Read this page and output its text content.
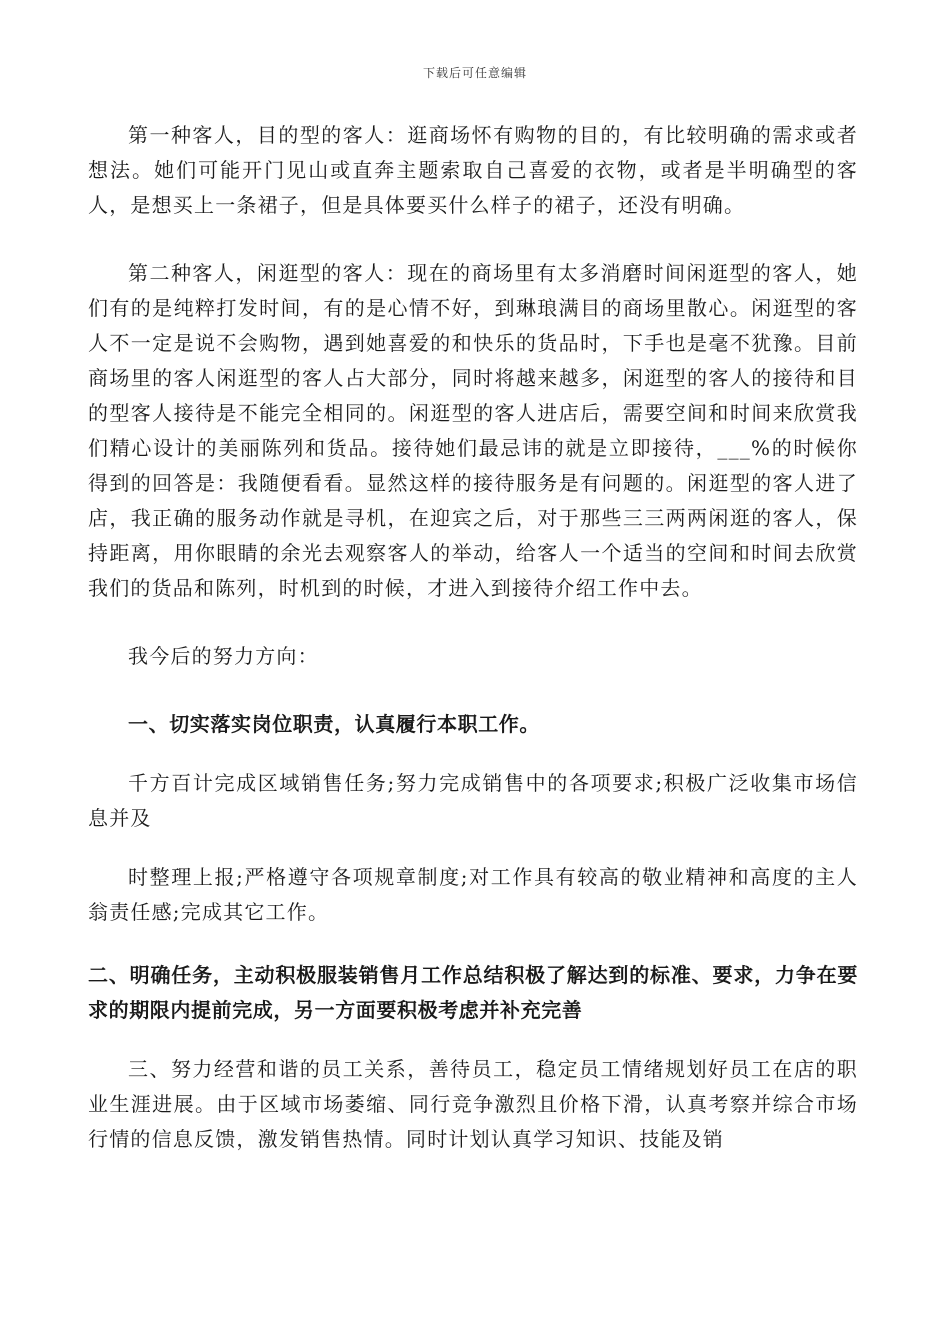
下载后可任意编辑

第一种客人，目的型的客人：逛商场怀有购物的目的，有比较明确的需求或者想法。她们可能开门见山或直奔主题索取自己喜爱的衣物，或者是半明确型的客人，是想买上一条裙子，但是具体要买什么样子的裙子，还没有明确。

第二种客人，闲逛型的客人：现在的商场里有太多消磨时间闲逛型的客人，她们有的是纯粹打发时间，有的是心情不好，到琳琅满目的商场里散心。闲逛型的客人不一定是说不会购物，遇到她喜爱的和快乐的货品时，下手也是毫不犹豫。目前商场里的客人闲逛型的客人占大部分，同时将越来越多，闲逛型的客人的接待和目的型客人接待是不能完全相同的。闲逛型的客人进店后，需要空间和时间来欣赏我们精心设计的美丽陈列和货品。接待她们最忌讳的就是立即接待，___%的时候你得到的回答是：我随便看看。显然这样的接待服务是有问题的。闲逛型的客人进了店，我正确的服务动作就是寻机，在迎宾之后，对于那些三三两两闲逛的客人，保持距离，用你眼睛的余光去观察客人的举动，给客人一个适当的空间和时间去欣赏我们的货品和陈列，时机到的时候，才进入到接待介绍工作中去。

我今后的努力方向：

一、切实落实岗位职责，认真履行本职工作。

千方百计完成区域销售任务;努力完成销售中的各项要求;积极广泛收集市场信息并及

时整理上报;严格遵守各项规章制度;对工作具有较高的敬业精神和高度的主人翁责任感;完成其它工作。

二、明确任务，主动积极服装销售月工作总结积极了解达到的标准、要求，力争在要求的期限内提前完成，另一方面要积极考虑并补充完善

三、努力经营和谐的员工关系，善待员工，稳定员工情绪规划好员工在店的职业生涯进展。由于区域市场萎缩、同行竞争激烈且价格下滑，认真考察并综合市场行情的信息反馈，激发销售热情。同时计划认真学习知识、技能及销
